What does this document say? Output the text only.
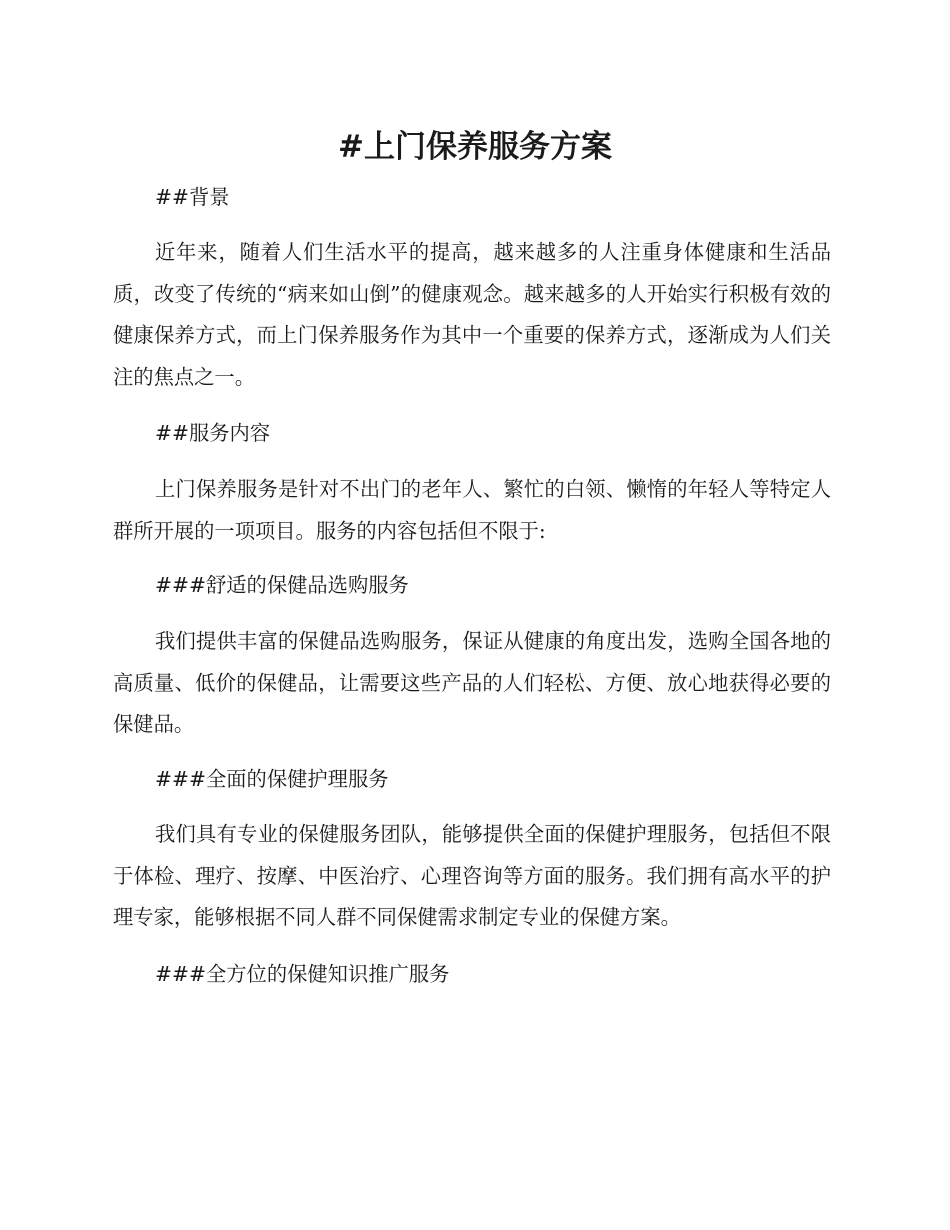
#上门保养服务方案

##背景

近年来，随着人们生活水平的提高，越来越多的人注重身体健康和生活品质，改变了传统的“病来如山倒”的健康观念。越来越多的人开始实行积极有效的健康保养方式，而上门保养服务作为其中一个重要的保养方式，逐渐成为人们关注的焦点之一。

##服务内容

上门保养服务是针对不出门的老年人、繁忙的白领、懒惰的年轻人等特定人群所开展的一项项目。服务的内容包括但不限于:

###舒适的保健品选购服务

我们提供丰富的保健品选购服务，保证从健康的角度出发，选购全国各地的高质量、低价的保健品，让需要这些产品的人们轻松、方便、放心地获得必要的保健品。

###全面的保健护理服务

我们具有专业的保健服务团队，能够提供全面的保健护理服务，包括但不限于体检、理疗、按摩、中医治疗、心理咨询等方面的服务。我们拥有高水平的护理专家，能够根据不同人群不同保健需求制定专业的保健方案。

###全方位的保健知识推广服务
